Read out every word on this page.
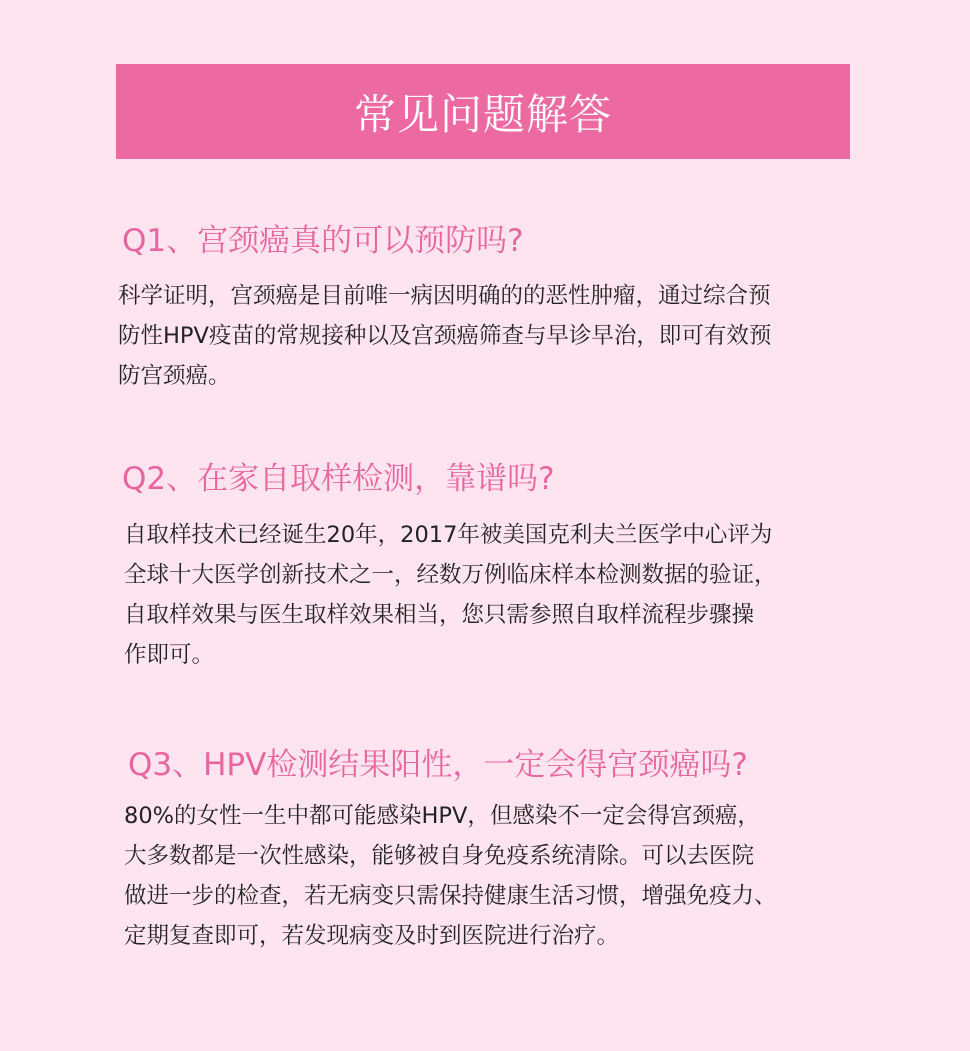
常见问题解答
Q1、宫颈癌真的可以预防吗?
科学证明，宫颈癌是目前唯一病因明确的的恶性肿瘤，通过综合预
防性HPV疫苗的常规接种以及宫颈癌筛查与早诊早治，即可有效预
防宫颈癌。
Q2、在家自取样检测，靠谱吗?
自取样技术已经诞生20年，2017年被美国克利夫兰医学中心评为
全球十大医学创新技术之一，经数万例临床样本检测数据的验证，
自取样效果与医生取样效果相当，您只需参照自取样流程步骤操
作即可。
Q3、HPV检测结果阳性，一定会得宫颈癌吗?
80%的女性一生中都可能感染HPV，但感染不一定会得宫颈癌，
大多数都是一次性感染，能够被自身免疫系统清除。可以去医院
做进一步的检查，若无病变只需保持健康生活习惯，增强免疫力、
定期复查即可，若发现病变及时到医院进行治疗。
